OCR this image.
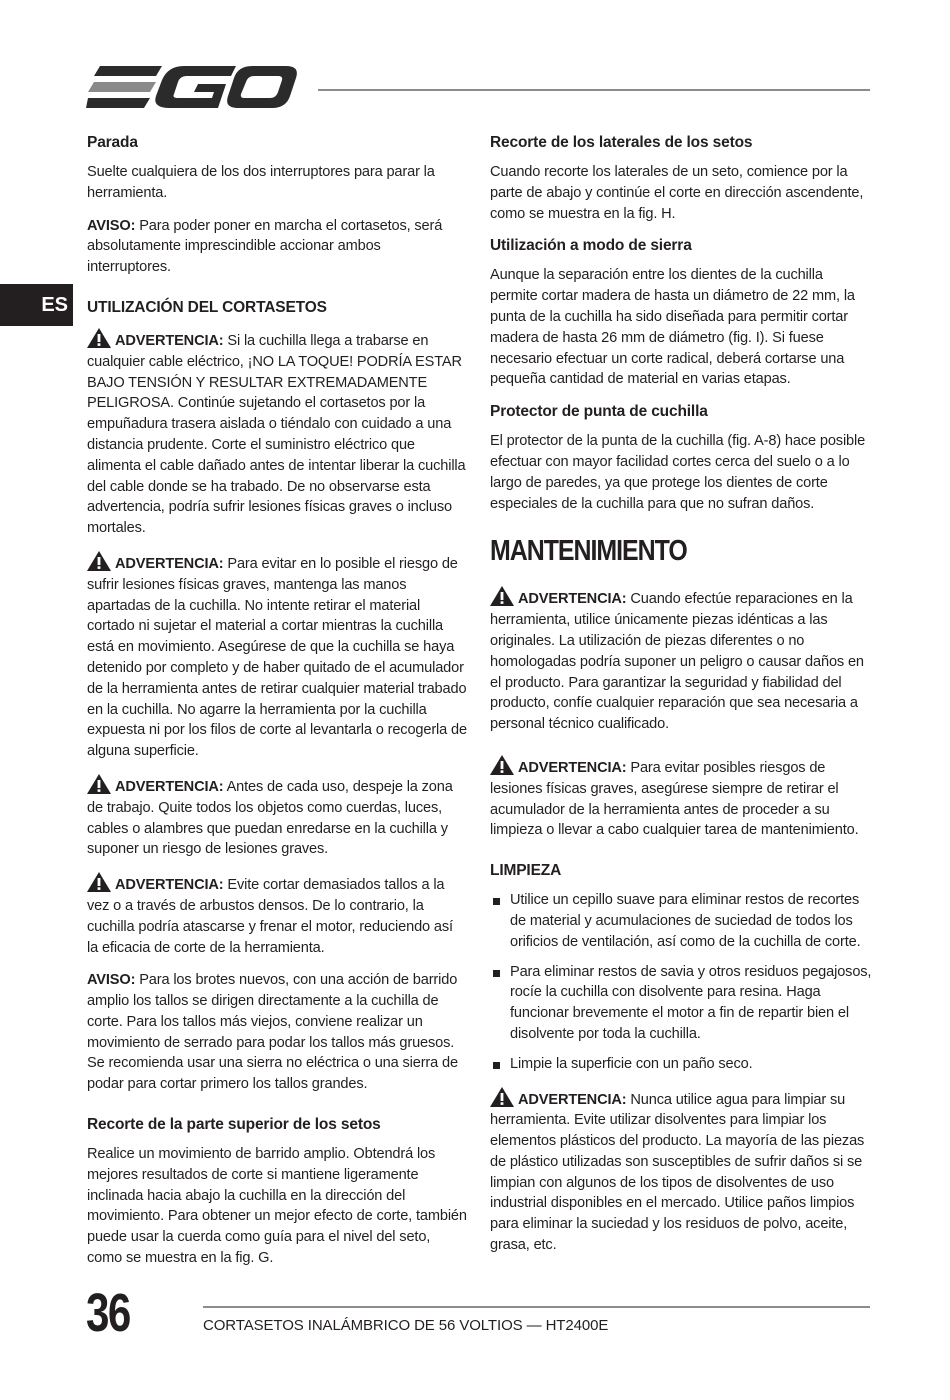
ES
Parada

Suelte cualquiera de los dos interruptores para parar la herramienta.

AVISO: Para poder poner en marcha el cortasetos, será absolutamente imprescindible accionar ambos interruptores.

UTILIZACIÓN DEL CORTASETOS

ADVERTENCIA: Si la cuchilla llega a trabarse en cualquier cable eléctrico, ¡NO LA TOQUE! PODRÍA ESTAR BAJO TENSIÓN Y RESULTAR EXTREMADAMENTE PELIGROSA. Continúe sujetando el cortasetos por la empuñadura trasera aislada o tiéndalo con cuidado a una distancia prudente. Corte el suministro eléctrico que alimenta el cable dañado antes de intentar liberar la cuchilla del cable donde se ha trabado. De no observarse esta advertencia, podría sufrir lesiones físicas graves o incluso mortales.

ADVERTENCIA: Para evitar en lo posible el riesgo de sufrir lesiones físicas graves, mantenga las manos apartadas de la cuchilla. No intente retirar el material cortado ni sujetar el material a cortar mientras la cuchilla está en movimiento. Asegúrese de que la cuchilla se haya detenido por completo y de haber quitado de el acumulador de la herramienta antes de retirar cualquier material trabado en la cuchilla. No agarre la herramienta por la cuchilla expuesta ni por los filos de corte al levantarla o recogerla de alguna superficie.

ADVERTENCIA: Antes de cada uso, despeje la zona de trabajo. Quite todos los objetos como cuerdas, luces, cables o alambres que puedan enredarse en la cuchilla y suponer un riesgo de lesiones graves.

ADVERTENCIA: Evite cortar demasiados tallos a la vez o a través de arbustos densos. De lo contrario, la cuchilla podría atascarse y frenar el motor, reduciendo así la eficacia de corte de la herramienta.

AVISO: Para los brotes nuevos, con una acción de barrido amplio los tallos se dirigen directamente a la cuchilla de corte. Para los tallos más viejos, conviene realizar un movimiento de serrado para podar los tallos más gruesos. Se recomienda usar una sierra no eléctrica o una sierra de podar para cortar primero los tallos grandes.

Recorte de la parte superior de los setos

Realice un movimiento de barrido amplio. Obtendrá los mejores resultados de corte si mantiene ligeramente inclinada hacia abajo la cuchilla en la dirección del movimiento. Para obtener un mejor efecto de corte, también puede usar la cuerda como guía para el nivel del seto, como se muestra en la fig. G.

Recorte de los laterales de los setos

Cuando recorte los laterales de un seto, comience por la parte de abajo y continúe el corte en dirección ascendente, como se muestra en la fig. H.

Utilización a modo de sierra

Aunque la separación entre los dientes de la cuchilla permite cortar madera de hasta un diámetro de 22 mm, la punta de la cuchilla ha sido diseñada para permitir cortar madera de hasta 26 mm de diámetro (fig. I). Si fuese necesario efectuar un corte radical, deberá cortarse una pequeña cantidad de material en varias etapas.

Protector de punta de cuchilla

El protector de la punta de la cuchilla (fig. A-8) hace posible efectuar con mayor facilidad cortes cerca del suelo o a lo largo de paredes, ya que protege los dientes de corte especiales de la cuchilla para que no sufran daños.

MANTENIMIENTO

ADVERTENCIA: Cuando efectúe reparaciones en la herramienta, utilice únicamente piezas idénticas a las originales. La utilización de piezas diferentes o no homologadas podría suponer un peligro o causar daños en el producto. Para garantizar la seguridad y fiabilidad del producto, confíe cualquier reparación que sea necesaria a personal técnico cualificado.

ADVERTENCIA: Para evitar posibles riesgos de lesiones físicas graves, asegúrese siempre de retirar el acumulador de la herramienta antes de proceder a su limpieza o llevar a cabo cualquier tarea de mantenimiento.

LIMPIEZA
Utilice un cepillo suave para eliminar restos de recortes de material y acumulaciones de suciedad de todos los orificios de ventilación, así como de la cuchilla de corte.
Para eliminar restos de savia y otros residuos pegajosos, rocíe la cuchilla con disolvente para resina. Haga funcionar brevemente el motor a fin de repartir bien el disolvente por toda la cuchilla.
Limpie la superficie con un paño seco.

ADVERTENCIA: Nunca utilice agua para limpiar su herramienta. Evite utilizar disolventes para limpiar los elementos plásticos del producto. La mayoría de las piezas de plástico utilizadas son susceptibles de sufrir daños si se limpian con algunos de los tipos de disolventes de uso industrial disponibles en el mercado. Utilice paños limpios para eliminar la suciedad y los residuos de polvo, aceite, grasa, etc.

36	CORTASETOS INALÁMBRICO DE 56 VOLTIOS — HT2400E
